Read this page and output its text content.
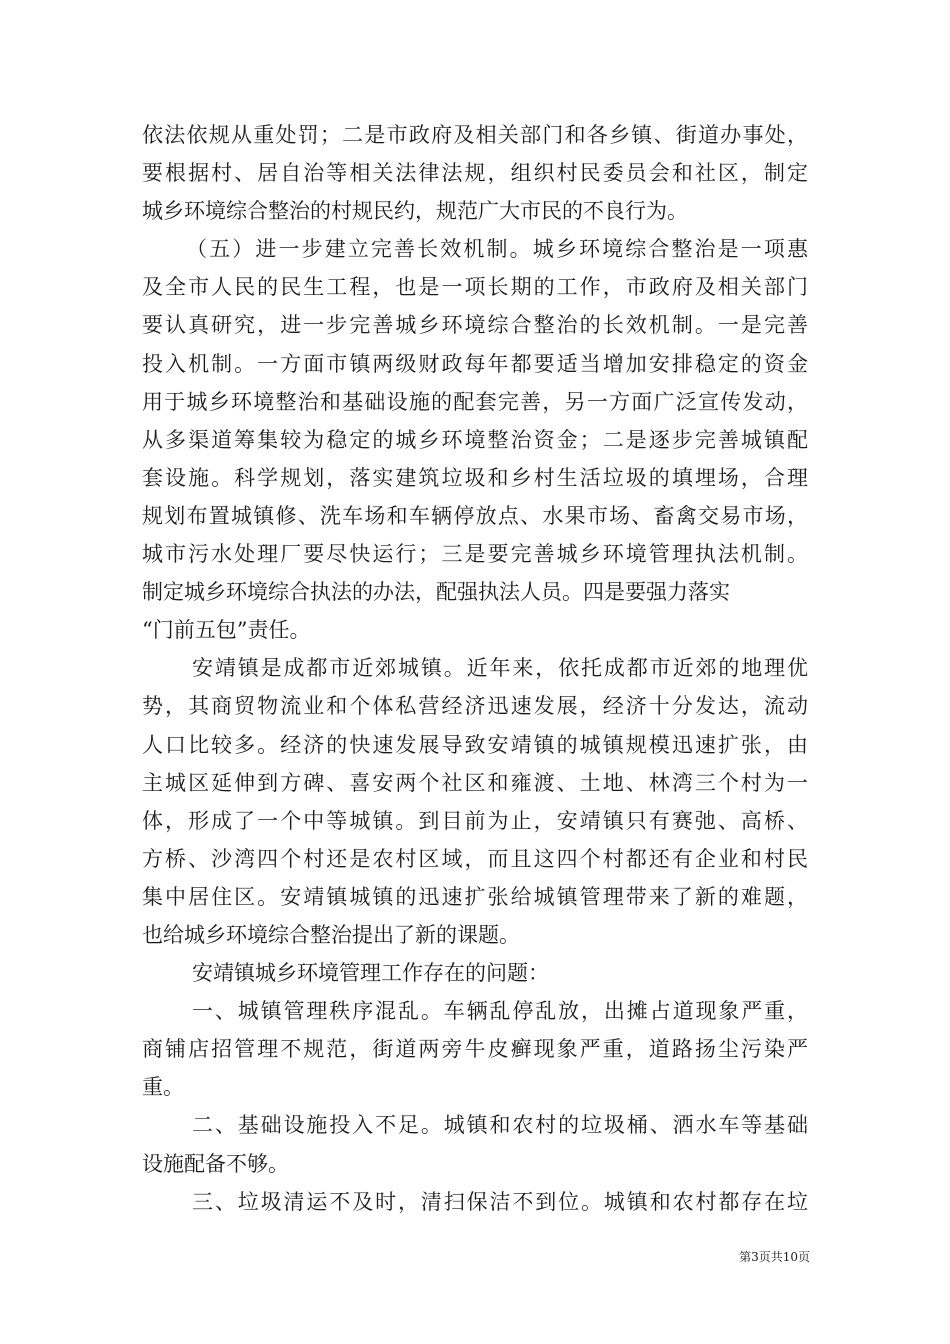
依法依规从重处罚；二是市政府及相关部门和各乡镇、街道办事处，
要根据村、居自治等相关法律法规，组织村民委员会和社区，制定
城乡环境综合整治的村规民约，规范广大市民的不良行为。
（五）进一步建立完善长效机制。城乡环境综合整治是一项惠
及全市人民的民生工程，也是一项长期的工作，市政府及相关部门
要认真研究，进一步完善城乡环境综合整治的长效机制。一是完善
投入机制。一方面市镇两级财政每年都要适当增加安排稳定的资金
用于城乡环境整治和基础设施的配套完善，另一方面广泛宣传发动，
从多渠道筹集较为稳定的城乡环境整治资金；二是逐步完善城镇配
套设施。科学规划，落实建筑垃圾和乡村生活垃圾的填埋场，合理
规划布置城镇修、洗车场和车辆停放点、水果市场、畜禽交易市场，
城市污水处理厂要尽快运行；三是要完善城乡环境管理执法机制。
制定城乡环境综合执法的办法，配强执法人员。四是要强力落实
“门前五包”责任。
安靖镇是成都市近郊城镇。近年来，依托成都市近郊的地理优
势，其商贸物流业和个体私营经济迅速发展，经济十分发达，流动
人口比较多。经济的快速发展导致安靖镇的城镇规模迅速扩张，由
主城区延伸到方碑、喜安两个社区和雍渡、土地、林湾三个村为一
体，形成了一个中等城镇。到目前为止，安靖镇只有赛弛、高桥、
方桥、沙湾四个村还是农村区域，而且这四个村都还有企业和村民
集中居住区。安靖镇城镇的迅速扩张给城镇管理带来了新的难题，
也给城乡环境综合整治提出了新的课题。
安靖镇城乡环境管理工作存在的问题：
一、城镇管理秩序混乱。车辆乱停乱放，出摊占道现象严重，
商铺店招管理不规范，街道两旁牛皮癣现象严重，道路扬尘污染严
重。
二、基础设施投入不足。城镇和农村的垃圾桶、洒水车等基础
设施配备不够。
三、垃圾清运不及时，清扫保洁不到位。城镇和农村都存在垃
第3页共10页
